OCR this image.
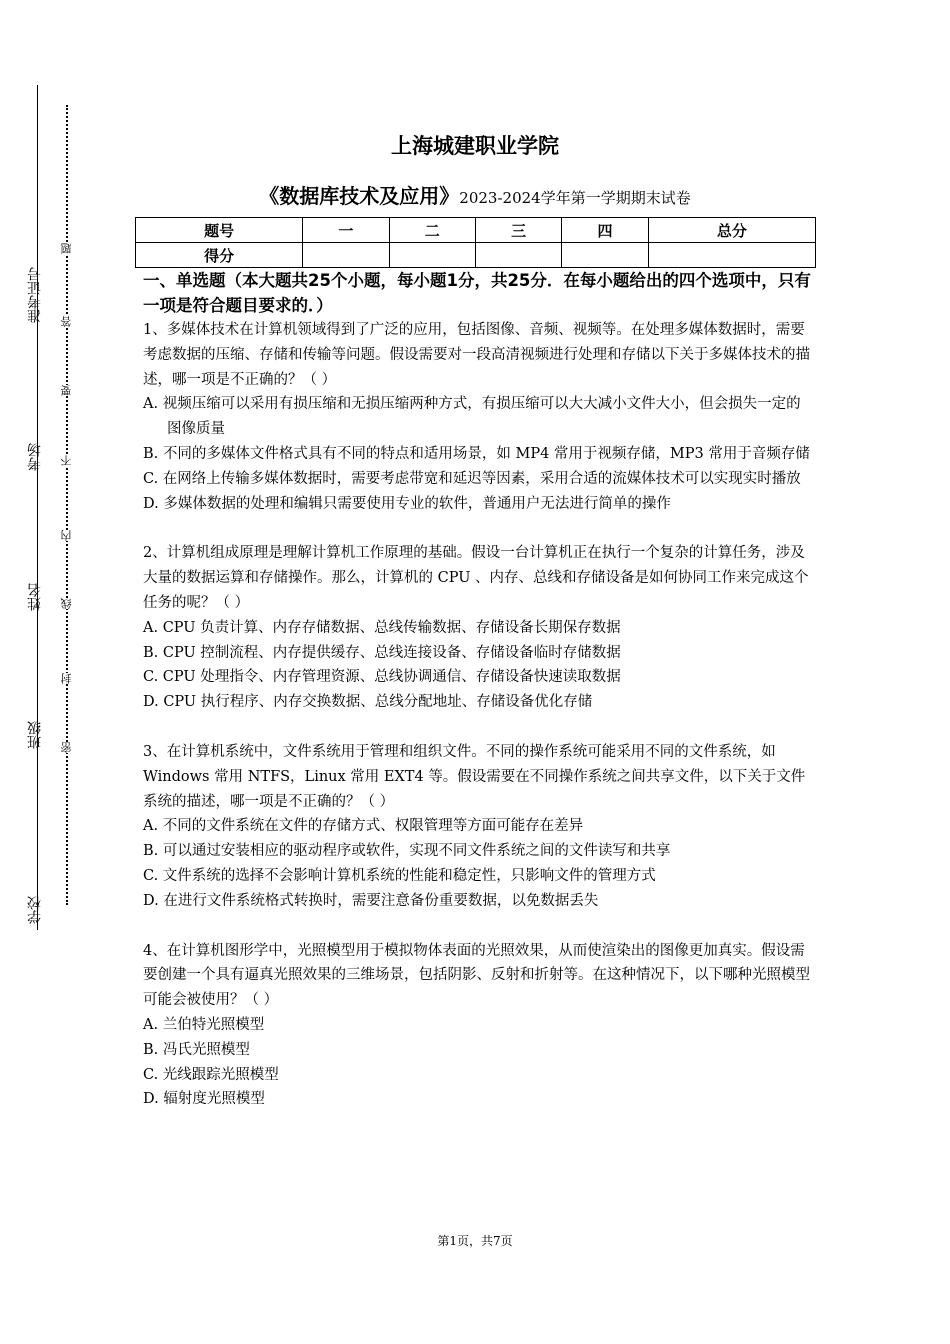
学校
班级
姓名
考场
准考证号
密
封
线
内
不
要
答
题
上海城建职业学院
《数据库技术及应用》2023-2024学年第一学期期末试卷
题号	一	二	三	四	总分
得分					

一、单选题（本大题共25个小题，每小题1分，共25分．在每小题给出的四个选项中，只有一项是符合题目要求的．）

1、多媒体技术在计算机领域得到了广泛的应用，包括图像、音频、视频等。在处理多媒体数据时，需要考虑数据的压缩、存储和传输等问题。假设需要对一段高清视频进行处理和存储以下关于多媒体技术的描述，哪一项是不正确的？（ ）

A. 视频压缩可以采用有损压缩和无损压缩两种方式，有损压缩可以大大减小文件大小，但会损失一定的图像质量

B. 不同的多媒体文件格式具有不同的特点和适用场景，如 MP4 常用于视频存储，MP3 常用于音频存储

C. 在网络上传输多媒体数据时，需要考虑带宽和延迟等因素，采用合适的流媒体技术可以实现实时播放

D. 多媒体数据的处理和编辑只需要使用专业的软件，普通用户无法进行简单的操作

2、计算机组成原理是理解计算机工作原理的基础。假设一台计算机正在执行一个复杂的计算任务，涉及大量的数据运算和存储操作。那么，计算机的 CPU 、内存、总线和存储设备是如何协同工作来完成这个任务的呢？（ ）

A. CPU 负责计算、内存存储数据、总线传输数据、存储设备长期保存数据

B. CPU 控制流程、内存提供缓存、总线连接设备、存储设备临时存储数据

C. CPU 处理指令、内存管理资源、总线协调通信、存储设备快速读取数据

D. CPU 执行程序、内存交换数据、总线分配地址、存储设备优化存储

3、在计算机系统中，文件系统用于管理和组织文件。不同的操作系统可能采用不同的文件系统，如 Windows 常用 NTFS，Linux 常用 EXT4 等。假设需要在不同操作系统之间共享文件，以下关于文件系统的描述，哪一项是不正确的？（ ）

A. 不同的文件系统在文件的存储方式、权限管理等方面可能存在差异

B. 可以通过安装相应的驱动程序或软件，实现不同文件系统之间的文件读写和共享

C. 文件系统的选择不会影响计算机系统的性能和稳定性，只影响文件的管理方式

D. 在进行文件系统格式转换时，需要注意备份重要数据，以免数据丢失

4、在计算机图形学中，光照模型用于模拟物体表面的光照效果，从而使渲染出的图像更加真实。假设需要创建一个具有逼真光照效果的三维场景，包括阴影、反射和折射等。在这种情况下，以下哪种光照模型可能会被使用？（ ）

A. 兰伯特光照模型

B. 冯氏光照模型

C. 光线跟踪光照模型

D. 辐射度光照模型

第1页，共7页
